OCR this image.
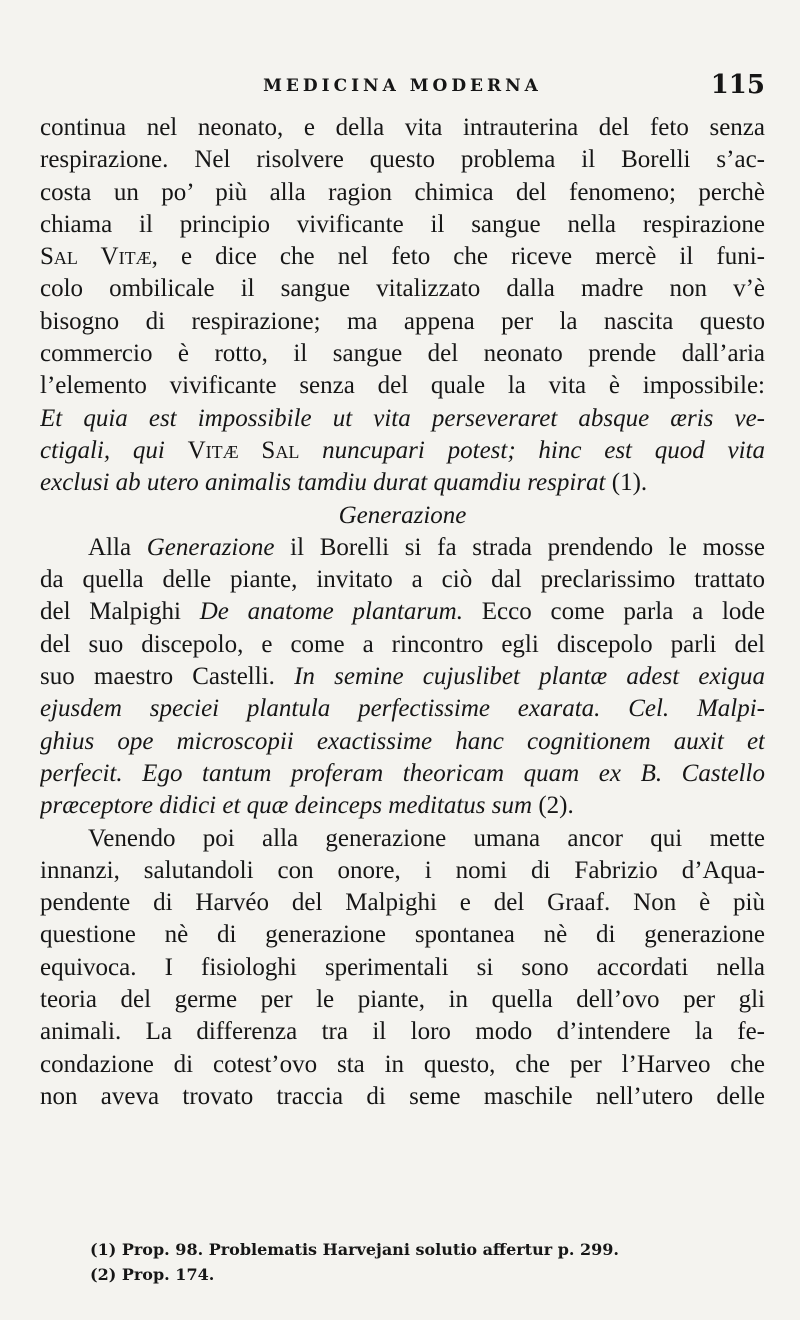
MEDICINA MODERNA	115
continua nel neonato, e della vita intrauterina del feto senza
respirazione. Nel risolvere questo problema il Borelli s’ac-
costa un po’ più alla ragion chimica del fenomeno; perchè
chiama il principio vivificante il sangue nella respirazione
Sal Vitæ, e dice che nel feto che riceve mercè il funi-
colo ombilicale il sangue vitalizzato dalla madre non v’è
bisogno di respirazione; ma appena per la nascita questo
commercio è rotto, il sangue del neonato prende dall’aria
l’elemento vivificante senza del quale la vita è impossibile:
Et quia est impossibile ut vita perseveraret absque æris ve-
ctigali, qui Vitæ Sal nuncupari potest; hinc est quod vita
exclusi ab utero animalis tamdiu durat quamdiu respirat (1).
Generazione
Alla Generazione il Borelli si fa strada prendendo le mosse
da quella delle piante, invitato a ciò dal preclarissimo trattato
del Malpighi De anatome plantarum. Ecco come parla a lode
del suo discepolo, e come a rincontro egli discepolo parli del
suo maestro Castelli. In semine cujuslibet plantæ adest exigua
ejusdem speciei plantula perfectissime exarata. Cel. Malpi-
ghius ope microscopii exactissime hanc cognitionem auxit et
perfecit. Ego tantum proferam theoricam quam ex B. Castello
præceptore didici et quæ deinceps meditatus sum (2).
Venendo poi alla generazione umana ancor qui mette
innanzi, salutandoli con onore, i nomi di Fabrizio d’Aqua-
pendente di Harvéo del Malpighi e del Graaf. Non è più
questione nè di generazione spontanea nè di generazione
equivoca. I fisiologhi sperimentali si sono accordati nella
teoria del germe per le piante, in quella dell’ovo per gli
animali. La differenza tra il loro modo d’intendere la fe-
condazione di cotest’ovo sta in questo, che per l’Harveo che
non aveva trovato traccia di seme maschile nell’utero delle
(1) Prop. 98. Problematis Harvejani solutio affertur p. 299.
(2) Prop. 174.
